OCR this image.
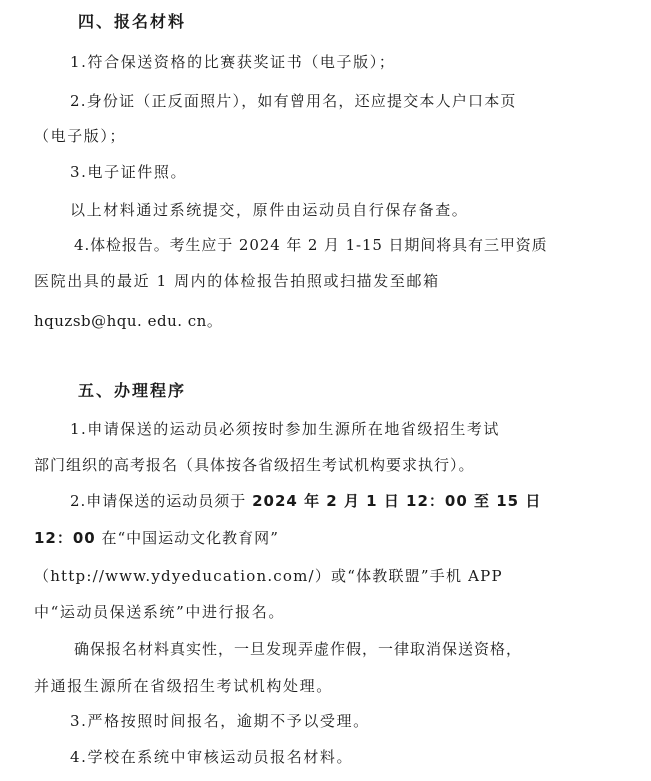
四、报名材料
1.符合保送资格的比赛获奖证书（电子版）；
2.身份证（正反面照片），如有曾用名，还应提交本人户口本页
（电子版）；
3.电子证件照。
以上材料通过系统提交，原件由运动员自行保存备查。
4.体检报告。考生应于 2024 年 2 月 1-15 日期间将具有三甲资质
医院出具的最近 1 周内的体检报告拍照或扫描发至邮箱
hquzsb@hqu. edu. cn。
五、办理程序
1.申请保送的运动员必须按时参加生源所在地省级招生考试
部门组织的高考报名（具体按各省级招生考试机构要求执行）。
2.申请保送的运动员须于 2024 年 2 月 1 日 12：00 至 15 日
12：00 在“中国运动文化教育网”
（http://www.ydyeducation.com/）或“体教联盟”手机 APP
中“运动员保送系统”中进行报名。
确保报名材料真实性，一旦发现弄虚作假，一律取消保送资格，
并通报生源所在省级招生考试机构处理。
3.严格按照时间报名，逾期不予以受理。
4.学校在系统中审核运动员报名材料。
